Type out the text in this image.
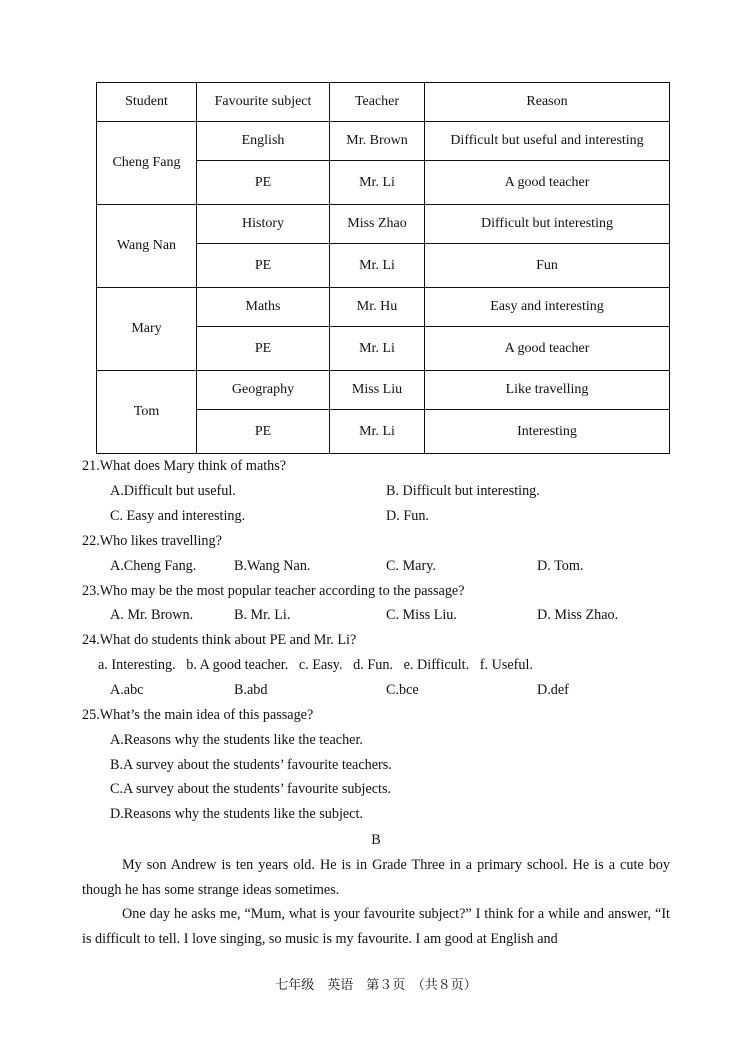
Student	Favourite subject	Teacher	Reason
Cheng Fang	English	Mr. Brown	Difficult but useful and interesting
	PE	Mr. Li	A good teacher
Wang Nan	History	Miss Zhao	Difficult but interesting
	PE	Mr. Li	Fun
Mary	Maths	Mr. Hu	Easy and interesting
	PE	Mr. Li	A good teacher
Tom	Geography	Miss Liu	Like travelling
	PE	Mr. Li	Interesting
21.What does Mary think of maths?
A.Difficult but useful.	B. Difficult but interesting.
C. Easy and interesting.	D. Fun.
22.Who likes travelling?
A.Cheng Fang.	B.Wang Nan.	C. Mary.	D. Tom.
23.Who may be the most popular teacher according to the passage?
A. Mr. Brown.	B. Mr. Li.	C. Miss Liu.	D. Miss Zhao.
24.What do students think about PE and Mr. Li?
a. Interesting.   b. A good teacher.   c. Easy.   d. Fun.   e. Difficult.   f. Useful.
A.abc	B.abd	C.bce	D.def
25.What’s the main idea of this passage?
A.Reasons why the students like the teacher.
B.A survey about the students’ favourite teachers.
C.A survey about the students’ favourite subjects.
D.Reasons why the students like the subject.
B
My son Andrew is ten years old. He is in Grade Three in a primary school. He is a cute boy though he has some strange ideas sometimes.
One day he asks me, “Mum, what is your favourite subject?” I think for a while and answer, “It is difficult to tell. I love singing, so music is my favourite. I am good at English and
七年级　英语　第３页　（共８页）
